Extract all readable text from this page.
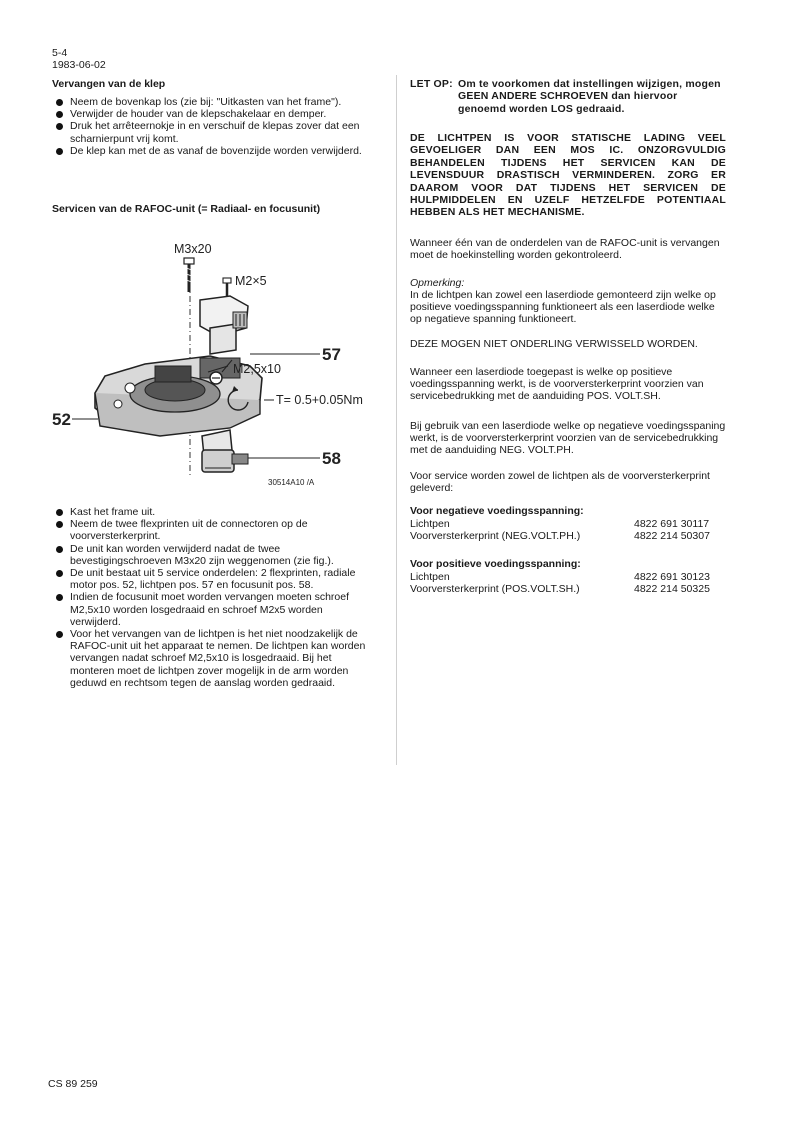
5-4
1983-06-02
Vervangen van de klep
Neem de bovenkap los (zie bij: "Uitkasten van het frame").
Verwijder de houder van de klepschakelaar en demper.
Druk het arrêteernokje in en verschuif de klepas zover dat een scharnierpunt vrij komt.
De klep kan met de as vanaf de bovenzijde worden verwijderd.
Servicen van de RAFOC-unit (= Radiaal- en focusunit)
M3x20
M2×5
M2,5x10
T= 0.5+0.05Nm
57
52
58
30514A10 /A
Kast het frame uit.
Neem de twee flexprinten uit de connectoren op de voorversterkerprint.
De unit kan worden verwijderd nadat de twee bevestigingschroeven M3x20 zijn weggenomen (zie fig.).
De unit bestaat uit 5 service onderdelen: 2 flexprinten, radiale motor pos. 52, lichtpen pos. 57 en focusunit pos. 58.
Indien de focusunit moet worden vervangen moeten schroef M2,5x10 worden losgedraaid en schroef M2x5 worden verwijderd.
Voor het vervangen van de lichtpen is het niet noodzakelijk de RAFOC-unit uit het apparaat te nemen. De lichtpen kan worden vervangen nadat schroef M2,5x10 is losgedraaid. Bij het monteren moet de lichtpen zover mogelijk in de arm worden geduwd en rechtsom tegen de aanslag worden gedraaid.
LET OP: Om te voorkomen dat instellingen wijzigen, mogen GEEN ANDERE SCHROEVEN dan hiervoor genoemd worden LOS gedraaid.
DE LICHTPEN IS VOOR STATISCHE LADING VEEL GEVOELIGER DAN EEN MOS IC. ONZORGVULDIG BEHANDELEN TIJDENS HET SERVICEN KAN DE LEVENSDUUR DRASTISCH VERMINDEREN. ZORG ER DAAROM VOOR DAT TIJDENS HET SERVICEN DE HULPMIDDELEN EN UZELF HETZELFDE POTENTIAAL HEBBEN ALS HET MECHANISME.
Wanneer één van de onderdelen van de RAFOC-unit is vervangen moet de hoekinstelling worden gekontroleerd.
Opmerking:
In de lichtpen kan zowel een laserdiode gemonteerd zijn welke op positieve voedingsspanning funktioneert als een laserdiode welke op negatieve spanning funktioneert.
DEZE MOGEN NIET ONDERLING VERWISSELD WORDEN.
Wanneer een laserdiode toegepast is welke op positieve voedingsspanning werkt, is de voorversterkerprint voorzien van servicebedrukking met de aanduiding POS. VOLT.SH.
Bij gebruik van een laserdiode welke op negatieve voedingsspaning werkt, is de voorversterkerprint voorzien van de servicebedrukking met de aanduiding NEG. VOLT.PH.
Voor service worden zowel de lichtpen als de voorversterkerprint geleverd:
Voor negatieve voedingsspanning:
Lichtpen	4822 691 30117
Voorversterkerprint (NEG.VOLT.PH.)	4822 214 50307
Voor positieve voedingsspanning:
Lichtpen	4822 691 30123
Voorversterkerprint (POS.VOLT.SH.)	4822 214 50325
CS 89 259
